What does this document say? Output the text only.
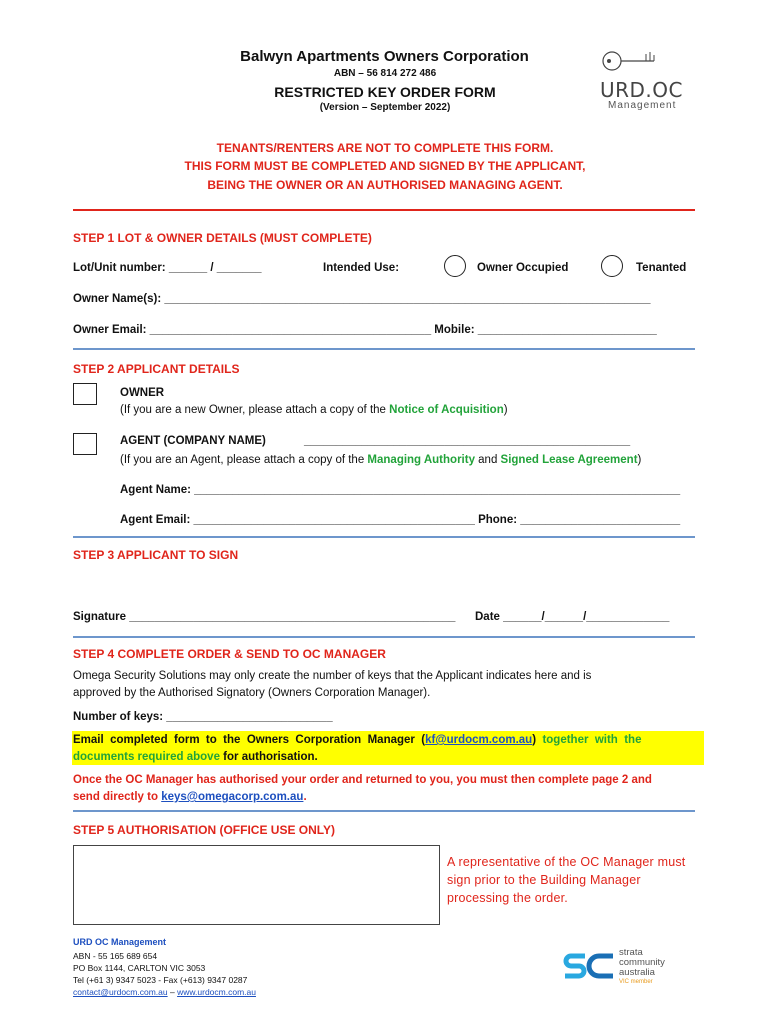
Balwyn Apartments Owners Corporation
ABN – 56 814 272 486
RESTRICTED KEY ORDER FORM
(Version – September 2022)
URD.OC
Management
TENANTS/RENTERS ARE NOT TO COMPLETE THIS FORM.
THIS FORM MUST BE COMPLETED AND SIGNED BY THE APPLICANT,
BEING THE OWNER OR AN AUTHORISED MANAGING AGENT.
STEP 1 LOT & OWNER DETAILS (MUST COMPLETE)
Lot/Unit number: ______ / _______	Intended Use:	Owner Occupied	Tenanted
Owner Name(s): ____________________________________________________________________________
Owner Email: ____________________________________________ Mobile: ____________________________
STEP 2 APPLICANT DETAILS
OWNER
(If you are a new Owner, please attach a copy of the Notice of Acquisition)
AGENT (COMPANY NAME)	___________________________________________________
(If you are an Agent, please attach a copy of the Managing Authority and Signed Lease Agreement)
Agent Name: ____________________________________________________________________________
Agent Email: ____________________________________________ Phone: _________________________
STEP 3 APPLICANT TO SIGN
Signature ___________________________________________________ Date ______/______/_____________
STEP 4 COMPLETE ORDER & SEND TO OC MANAGER
Omega Security Solutions may only create the number of keys that the Applicant indicates here and is
approved by the Authorised Signatory (Owners Corporation Manager).
Number of keys: __________________________
Email completed form to the Owners Corporation Manager (kf@urdocm.com.au) together with the
documents required above for authorisation.
Once the OC Manager has authorised your order and returned to you, you must then complete page 2 and
send directly to keys@omegacorp.com.au.
STEP 5 AUTHORISATION (OFFICE USE ONLY)
A representative of the OC Manager must sign prior to the Building Manager processing the order.
URD OC Management
ABN - 55 165 689 654
PO Box 1144, CARLTON VIC 3053
Tel (+61 3) 9347 5023 - Fax (+613) 9347 0287
contact@urdocm.com.au – www.urdocm.com.au
strata
community
australia
VIC member
